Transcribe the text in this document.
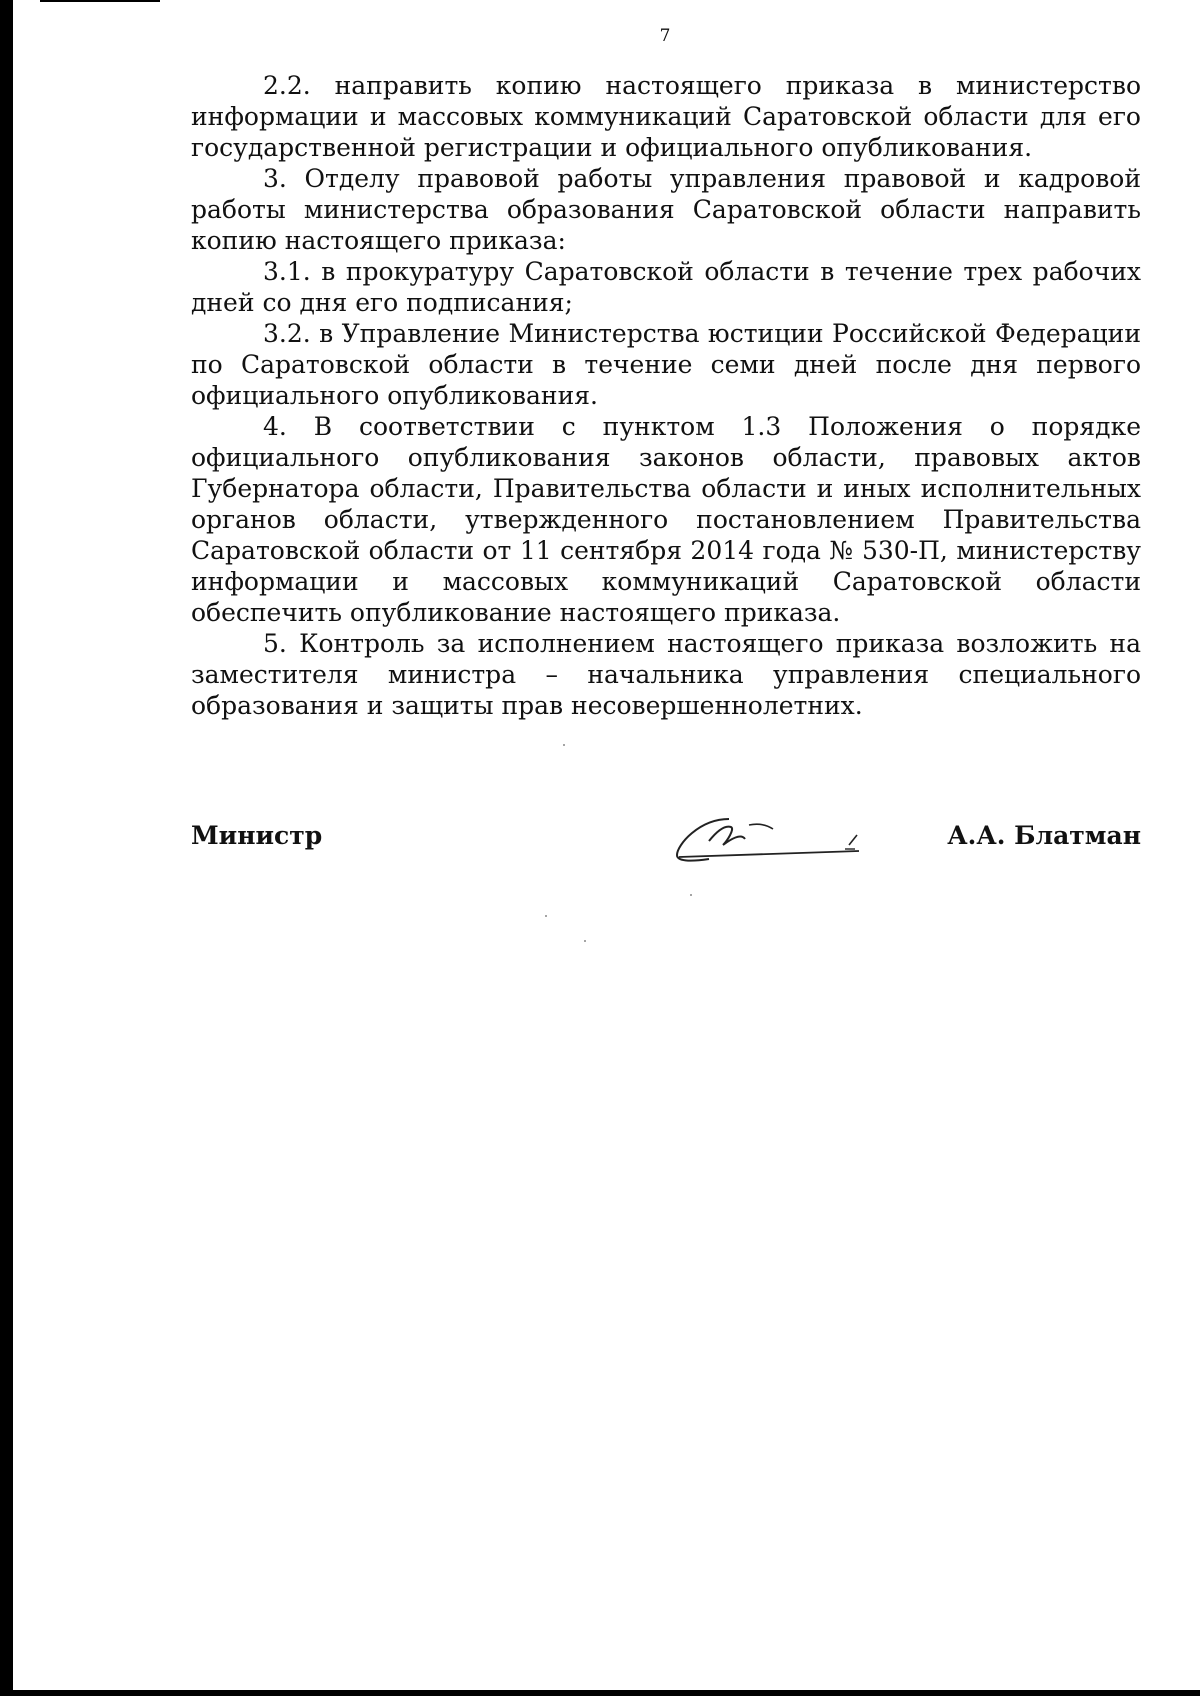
7

2.2. направить копию настоящего приказа в министерство информации и массовых коммуникаций Саратовской области для его государственной регистрации и официального опубликования.

3. Отделу правовой работы управления правовой и кадровой работы министерства образования Саратовской области направить копию настоящего приказа:

3.1. в прокуратуру Саратовской области в течение трех рабочих дней со дня его подписания;

3.2. в Управление Министерства юстиции Российской Федерации по Саратовской области в течение семи дней после дня первого официального опубликования.

4. В соответствии с пунктом 1.3 Положения о порядке официального опубликования законов области, правовых актов Губернатора области, Правительства области и иных исполнительных органов области, утвержденного постановлением Правительства Саратовской области от 11 сентября 2014 года № 530-П, министерству информации и массовых коммуникаций Саратовской области обеспечить опубликование настоящего приказа.

5. Контроль за исполнением настоящего приказа возложить на заместителя министра – начальника управления специального образования и защиты прав несовершеннолетних.

Министр	А.А. Блатман
